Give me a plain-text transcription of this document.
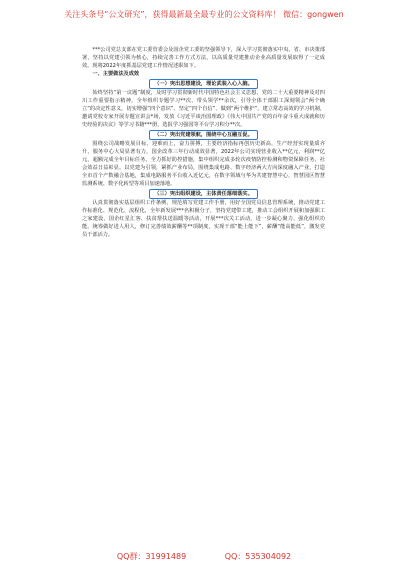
关注头条号“公文研究”，获得最新最全最专业的公文资料库！ 微信：gongwen

***公司党总支部在党工委管委会及国企党工委的坚强领导下，深入学习贯彻落实中央、省、市决策部署，坚持以党建引领为核心，持续完善工作方式方法，以高质量党建推动企业高质量发展取得了一定成效。现将2022年度抓基层党建工作情况述职如下。

一、主要做法及成效

（一）突出思想建设，理论武装入心入脑。

始终坚持“第一议题”制度，及时学习贯彻新时代中国特色社会主义思想、党的二十大重要精神及对四川工作重要指示精神，全年组织专题学习**次、带头领学**余次，引导全体干部职工深刻领会“两个确立”的决定性意义，切实增强“四个意识”、坚定“四个自信”、做到“两个维护”，建立常态高效的学习机制，邀请党校专家开展专题宣讲会*场，发放《习近平谈治国理政》《伟大中国共产党的百年奋斗重大成就和历史经验的决议》等学习书籍***册，选报学习强国等平台学习积分**次。

（二）突出党建领航，围绕中心互融互促。

围绕公司战略发展目标，迎难而上，奋力拼搏，主要经济指标再创历史新高，生产经营实现量质齐升，服务中心大局显著有力，国企改革三年行动成效显著，2022年公司实现营业收入**亿元，利润**亿元，超额完成全年目标任务。全力抓好防控措施，集中组织完成多轮次疫情防控检测和物资保障任务，社会效益日益彰显。以党建为引领，紧抓产业布局，围绕集成电路、数字经济两大方向深度融入产业，打造全市首个产数融合基地，集成电路服务平台收入近亿元，在数字领域与华为共建智慧中心，智慧园区智慧监测系统、数字化转型等项目加速落地。

（三）突出组织建设，主体责任落细落实。

认真贯彻落实基层组织工作条例，规范填写党建工作手册，用好全国党员信息管理系统，推动党建工作标准化、规范化、流程化，全年新发展***名积极分子，坚持党建带工建，推动工会组织开展和加强职工之家建设，国企红星汇客、扶贫帮扶送温暖等活动，开展***次关工活动，进一步凝心聚力、强化组织功能。统筹做好进人用人，修订完善绩效薪酬等**项制度，实现干部“能上能下”，薪酬“能高能低”，激发党员干部活力。

QQ群：31991489	QQ：535304092
